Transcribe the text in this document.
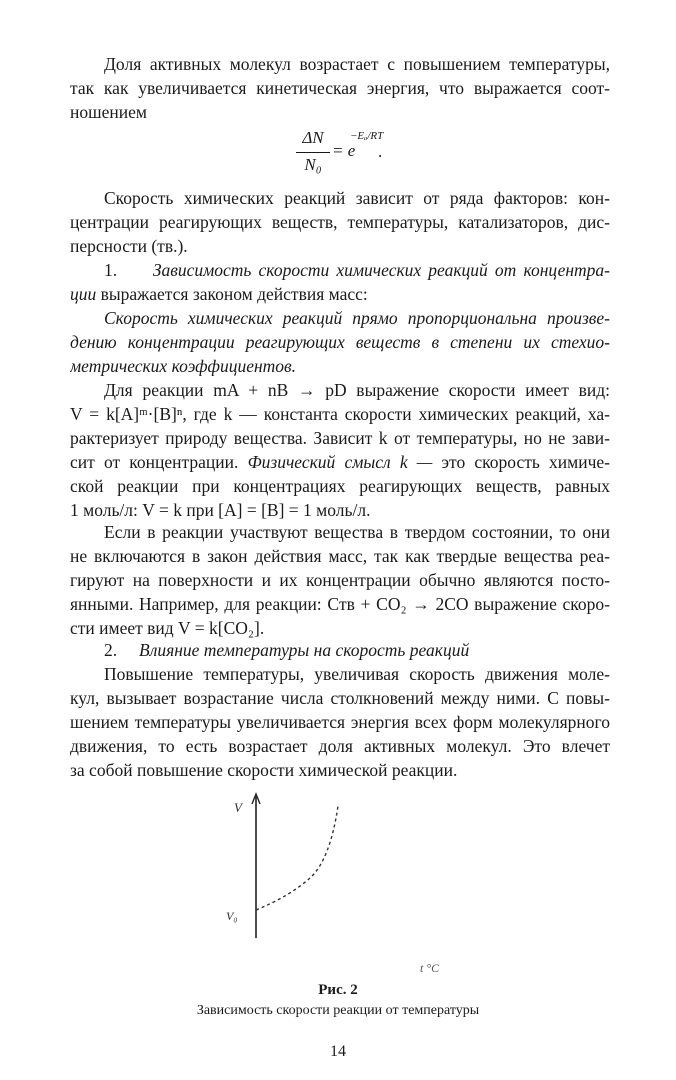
Доля активных молекул возрастает с повышением температуры,
так как увеличивается кинетическая энергия, что выражается соот-
ношением

ΔN
N₀
= e
−Eₐ/RT
.

Скорость химических реакций зависит от ряда факторов: кон-
центрации реагирующих веществ, температуры, катализаторов, дис-
персности (тв.).

1. Зависимость скорости химических реакций от концентра-
ции выражается законом действия масс:

Скорость химических реакций прямо пропорциональна произве-
дению концентрации реагирующих веществ в степени их стехио-
метрических коэффициентов.

Для реакции mA + nB → pD выражение скорости имеет вид:
V = k[A]ᵐ·[B]ⁿ, где k — константа скорости химических реакций, ха-
рактеризует природу вещества. Зависит k от температуры, но не зави-
сит от концентрации. Физический смысл k — это скорость химиче-
ской реакции при концентрациях реагирующих веществ, равных
1 моль/л: V = k при [A] = [B] = 1 моль/л.

Если в реакции участвуют вещества в твердом состоянии, то они
не включаются в закон действия масс, так как твердые вещества реа-
гируют на поверхности и их концентрации обычно являются посто-
янными. Например, для реакции: Cтв + CO₂ → 2CO выражение скоро-
сти имеет вид V = k[CO₂].

2. Влияние температуры на скорость реакций

Повышение температуры, увеличивая скорость движения моле-
кул, вызывает возрастание числа столкновений между ними. С повы-
шением температуры увеличивается энергия всех форм молекулярного
движения, то есть возрастает доля активных молекул. Это влечет
за собой повышение скорости химической реакции.

V
V₀
t °C
Рис. 2
Зависимость скорости реакции от температуры
14
